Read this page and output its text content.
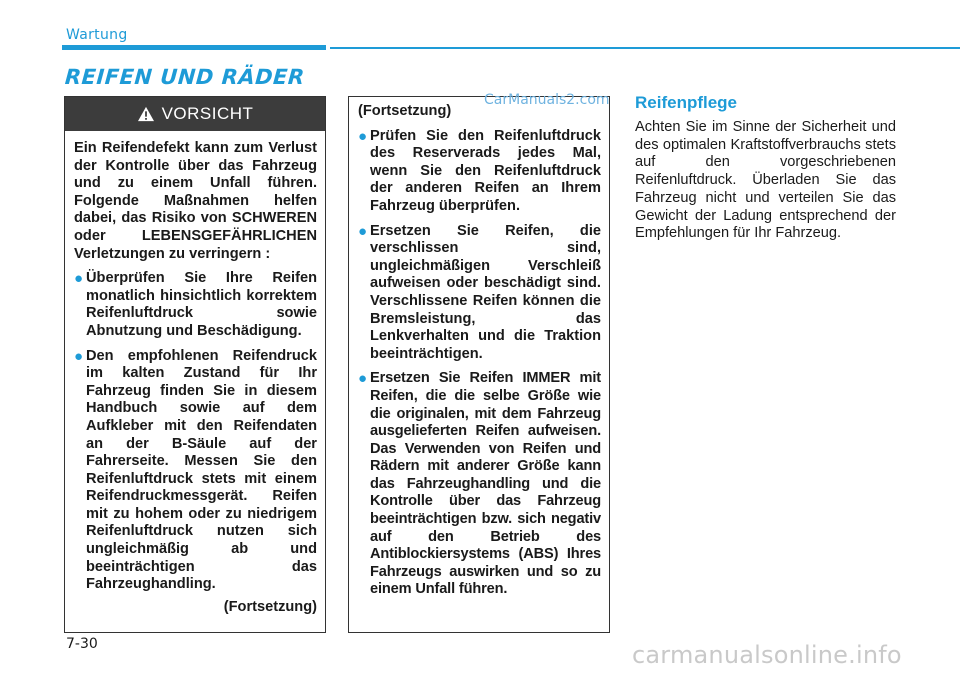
Wartung
REIFEN UND RÄDER
VORSICHT

Ein Reifendefekt kann zum Verlust der Kontrolle über das Fahrzeug und zu einem Unfall führen. Folgende Maßnahmen helfen dabei, das Risiko von SCHWEREN oder LEBENSGEFÄHRLICHEN Verletzungen zu verringern :

● Überprüfen Sie Ihre Reifen monatlich hinsichtlich korrektem Reifenluftdruck sowie Abnutzung und Beschädigung.

● Den empfohlenen Reifendruck im kalten Zustand für Ihr Fahrzeug finden Sie in diesem Handbuch sowie auf dem Aufkleber mit den Reifendaten an der B-Säule auf der Fahrerseite. Messen Sie den Reifenluftdruck stets mit einem Reifendruckmessgerät. Reifen mit zu hohem oder zu niedrigem Reifenluftdruck nutzen sich ungleichmäßig ab und beeinträchtigen das Fahrzeughandling.

(Fortsetzung)

(Fortsetzung)

● Prüfen Sie den Reifenluftdruck des Reserverads jedes Mal, wenn Sie den Reifenluftdruck der anderen Reifen an Ihrem Fahrzeug überprüfen.

● Ersetzen Sie Reifen, die verschlissen sind, ungleichmäßigen Verschleiß aufweisen oder beschädigt sind. Verschlissene Reifen können die Bremsleistung, das Lenkverhalten und die Traktion beeinträchtigen.

● Ersetzen Sie Reifen IMMER mit Reifen, die die selbe Größe wie die originalen, mit dem Fahrzeug ausgelieferten Reifen aufweisen. Das Verwenden von Reifen und Rädern mit anderer Größe kann das Fahrzeughandling und die Kontrolle über das Fahrzeug beeinträchtigen bzw. sich negativ auf den Betrieb des Antiblockiersystems (ABS) Ihres Fahrzeugs auswirken und so zu einem Unfall führen.

CarManuals2.com Reifenpflege

Achten Sie im Sinne der Sicherheit und des optimalen Kraftstoffverbrauchs stets auf den vorgeschriebenen Reifenluftdruck. Überladen Sie das Fahrzeug nicht und verteilen Sie das Gewicht der Ladung entsprechend der Empfehlungen für Ihr Fahrzeug.

7-30	carmanualsonline.info
